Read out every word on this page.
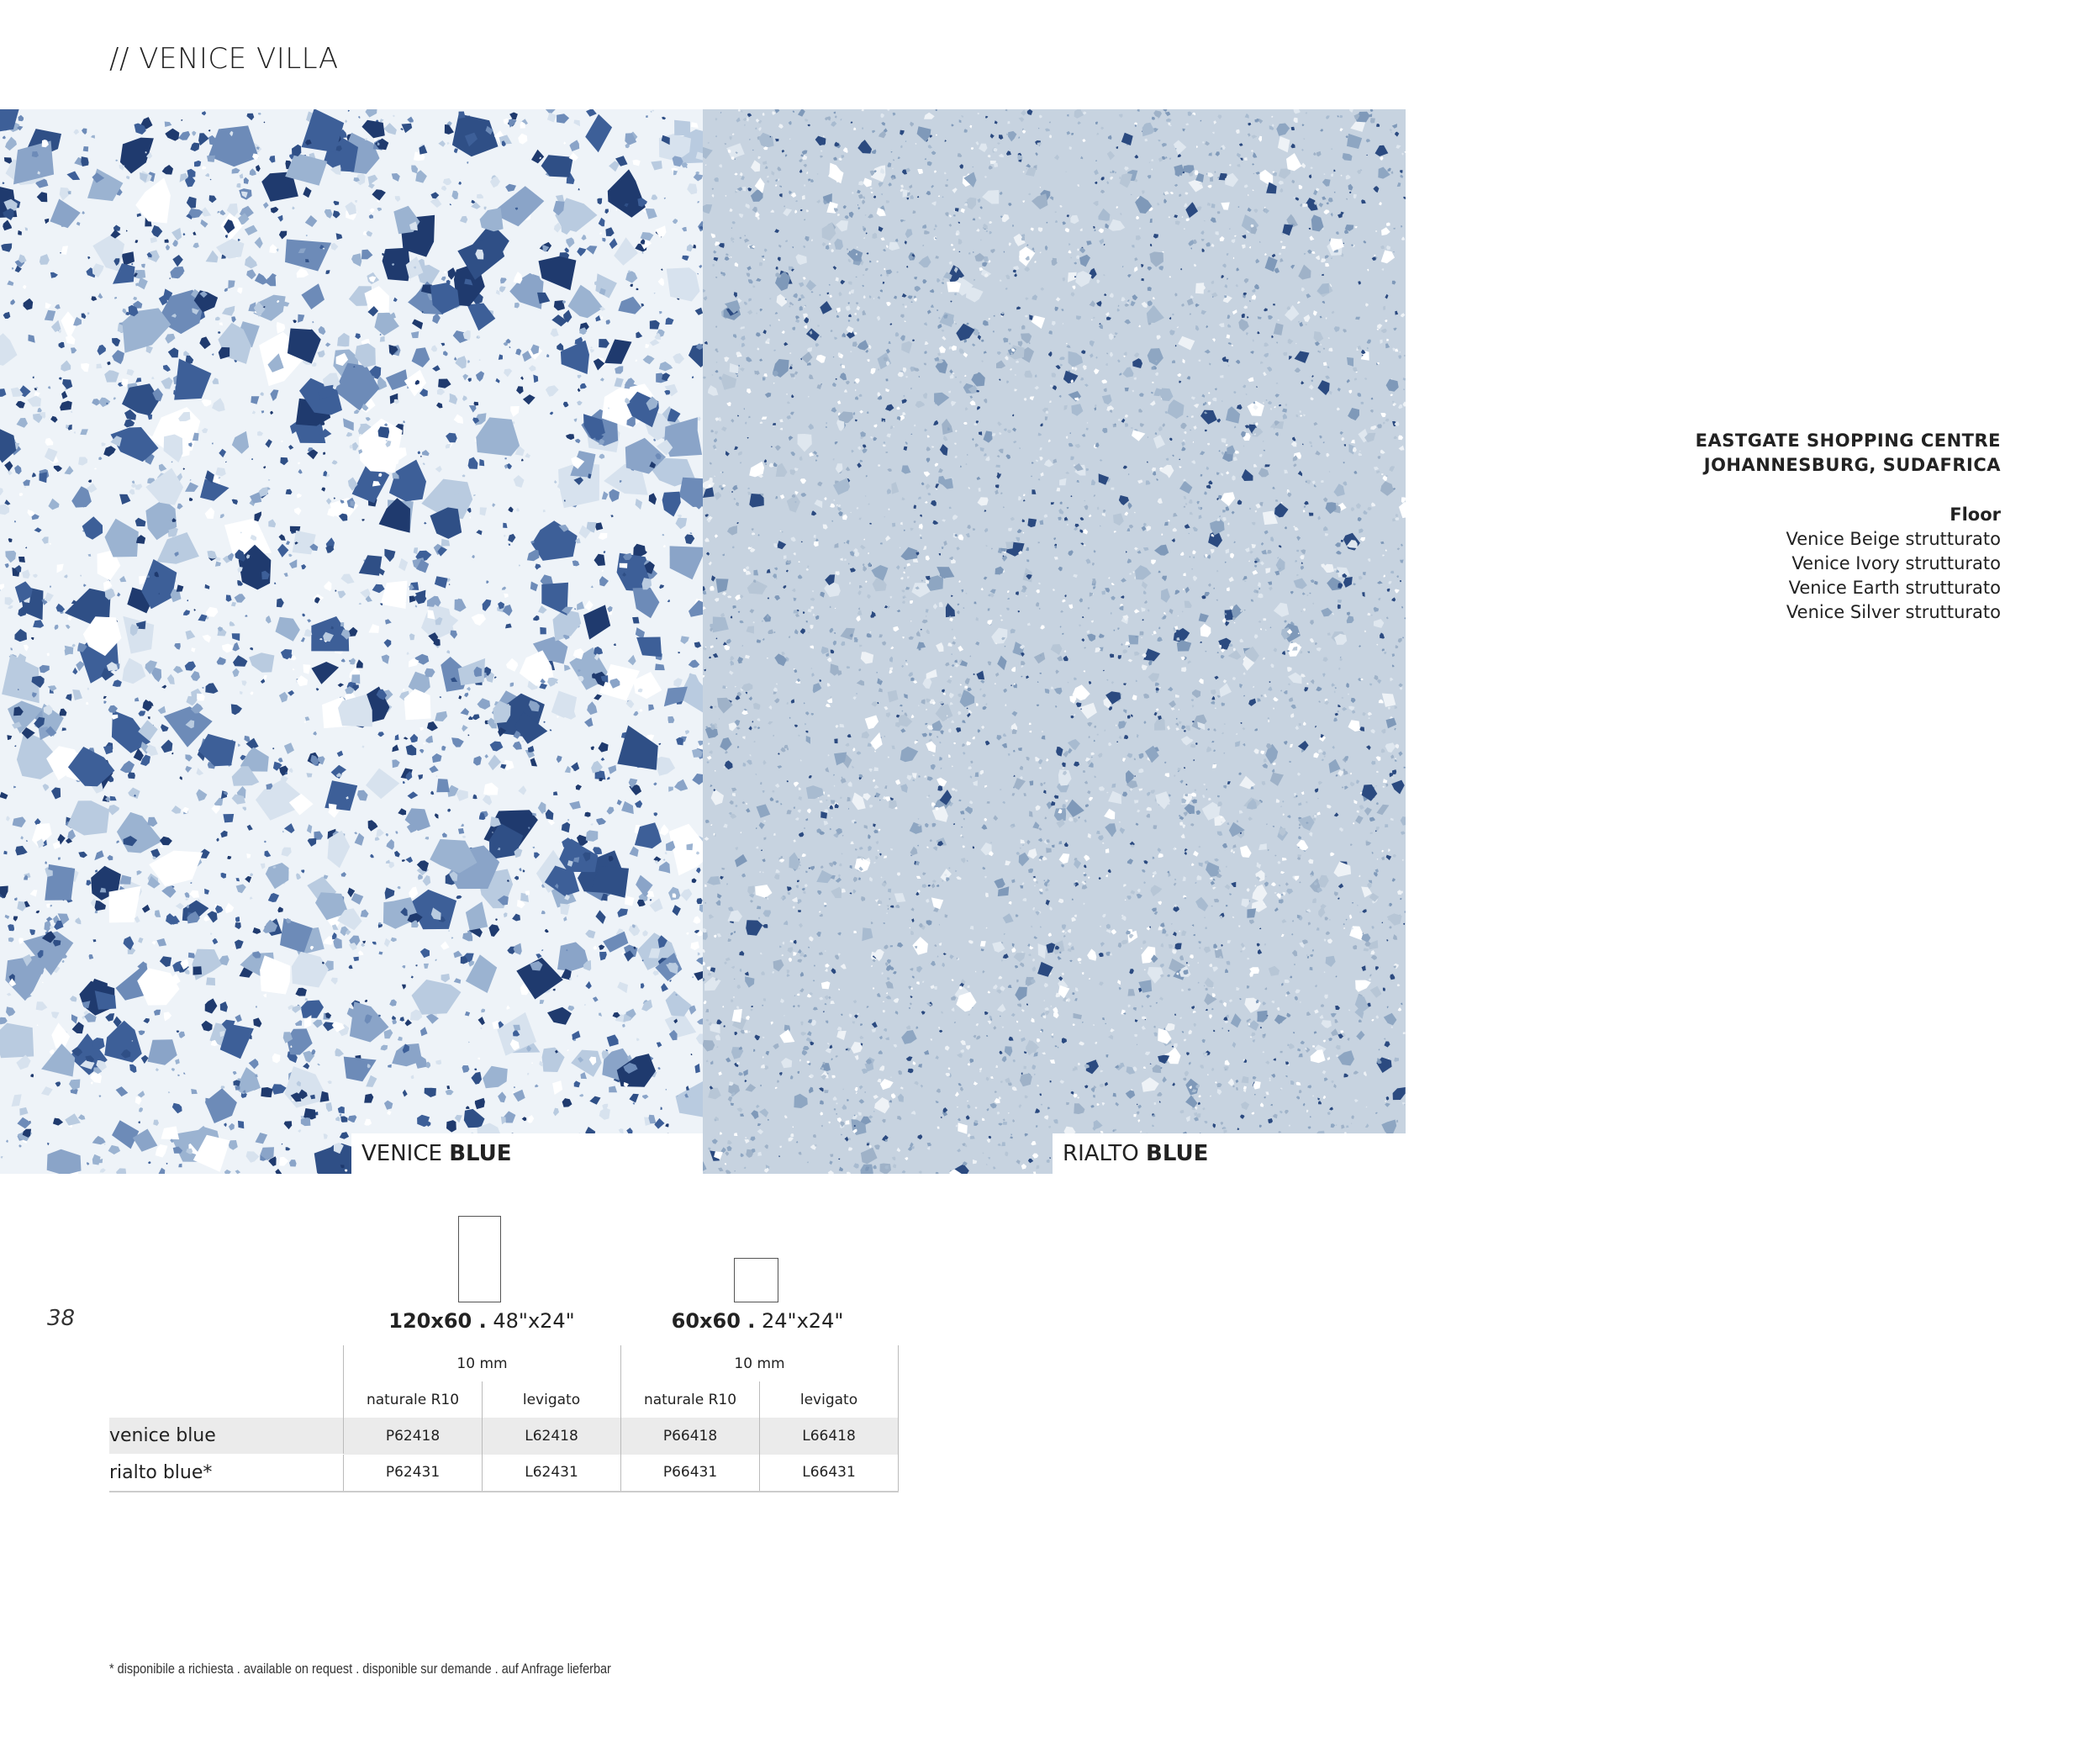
// VENICE VILLA
VENICE BLUE	RIALTO BLUE
EASTGATE SHOPPING CENTRE
JOHANNESBURG, SUDAFRICA
Floor
Venice Beige strutturato
Venice Ivory strutturato
Venice Earth strutturato
Venice Silver strutturato
38	120x60 . 48"x24"	60x60 . 24"x24"
	10 mm		10 mm	
	naturale R10	levigato	naturale R10	levigato
venice blue	P62418	L62418	P66418	L66418
rialto blue*	P62431	L62431	P66431	L66431
* disponibile a richiesta . available on request . disponible sur demande . auf Anfrage lieferbar
